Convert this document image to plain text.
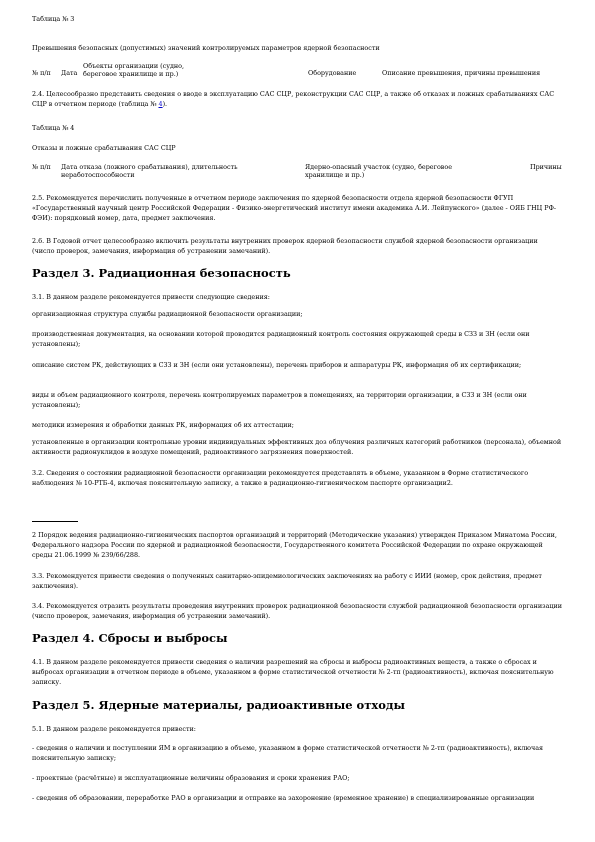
Таблица № 3

Превышения безопасных (допустимых) значений контролируемых параметров ядерной безопасности

№ п/п Дата
Объекты организации (судно, береговое хранилище и пр.)	Оборудование	Описание превышения, причины превышения

2.4. Целесообразно представить сведения о вводе в эксплуатацию САС СЦР, реконструкции САС СЦР, а также об отказах и ложных срабатываниях САС СЦР в отчетном периоде (таблица № 4).

Таблица № 4

Отказы и ложные срабатывания САС СЦР

№ п/п Дата отказа (ложного срабатывания), длительность неработоспособности
Ядерно-опасный участок (судно, береговое хранилище и пр.)
Причины

2.5. Рекомендуется перечислить полученные в отчетном периоде заключения по ядерной безопасности отдела ядерной безопасности ФГУП «Государственный научный центр Российской Федерации - Физико-энергетический институт имени академика А.И. Лейпунского» (далее - ОЯБ ГНЦ РФ-ФЭИ): порядковый номер, дата, предмет заключения.

2.6. В Годовой отчет целесообразно включить результаты внутренних проверок ядерной безопасности службой ядерной безопасности организации (число проверок, замечания, информация об устранении замечаний).

Раздел 3. Радиационная безопасность

3.1. В данном разделе рекомендуется привести следующие сведения:

организационная структура службы радиационной безопасности организации;

производственная документация, на основании которой проводится радиационный контроль состояния окружающей среды в СЗЗ и ЗН (если они установлены);

описание систем РК, действующих в СЗЗ и ЗН (если они установлены), перечень приборов и аппаратуры РК, информация об их сертификации;

виды и объем радиационного контроля, перечень контролируемых параметров в помещениях, на территории организации, в СЗЗ и ЗН (если они установлены);

методики измерения и обработки данных РК, информация об их аттестации;

установленные в организации контрольные уровни индивидуальных эффективных доз облучения различных категорий работников (персонала), объемной активности радионуклидов в воздухе помещений, радиоактивного загрязнения поверхностей.

3.2. Сведения о состоянии радиационной безопасности организации рекомендуется представлять в объеме, указанном в Форме статистического наблюдения № 10-РТБ-4, включая пояснительную записку, а также в радиационно-гигиеническом паспорте организации2.

2 Порядок ведения радиационно-гигиенических паспортов организаций и территорий (Методические указания) утвержден Приказом Минатома России, Федерального надзора России по ядерной и радиационной безопасности, Государственного комитета Российской Федерации по охране окружающей среды 21.06.1999 № 239/66/288.

3.3. Рекомендуется привести сведения о полученных санитарно-эпидемиологических заключениях на работу с ИИИ (номер, срок действия, предмет заключения).

3.4. Рекомендуется отразить результаты проведения внутренних проверок радиационной безопасности службой радиационной безопасности организации (число проверок, замечания, информация об устранении замечаний).

Раздел 4. Сбросы и выбросы

4.1. В данном разделе рекомендуется привести сведения о наличии разрешений на сбросы и выбросы радиоактивных веществ, а также о сбросах и выбросах организации в отчетном периоде в объеме, указанном в форме статистической отчетности № 2-тп (радиоактивность), включая пояснительную записку.

Раздел 5. Ядерные материалы, радиоактивные отходы

5.1. В данном разделе рекомендуется привести:

- сведения о наличии и поступлении ЯМ в организацию в объеме, указанном в форме статистической отчетности № 2-тп (радиоактивность), включая пояснительную записку;

- проектные (расчётные) и эксплуатационные величины образования и сроки хранения РАО;

- сведения об образовании, переработке РАО в организации и отправке на захоронение (временное хранение) в специализированные организации
